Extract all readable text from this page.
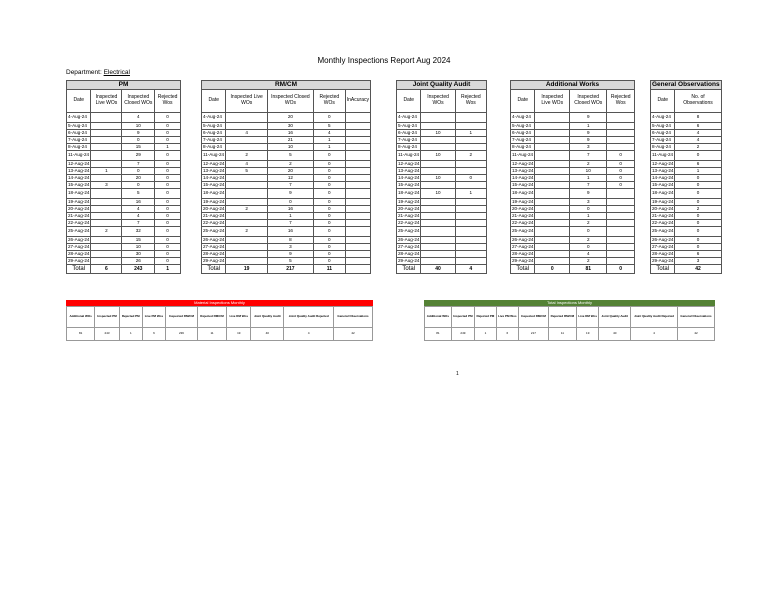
Monthly Inspections Report Aug 2024
Department: Electrical
PM			
Date	Inspected Live WOs	Inspected Closed WOs	Rejected Wos
4-Aug-24		4	0
5-Aug-24		10	0
6-Aug-24		9	0
7-Aug-24		0	0
8-Aug-24		15	1
11-Aug-24		29	0
12-Aug-24		7	0
13-Aug-24	1	0	0
14-Aug-24		20	0
15-Aug-24	3	0	0
18-Aug-24		5	0
19-Aug-24		16	0
20-Aug-24		4	0
21-Aug-24		4	0
22-Aug-24		7	0
25-Aug-24	2	32	0
26-Aug-24		15	0
27-Aug-24		10	0
28-Aug-24		30	0
29-Aug-24		26	0
Total	6	243	1
RM/CM				
Date	Inspected Live WOs	Inspected Closed WOs	Rejected WOs	InAcuracy
4-Aug-24		20	0	
5-Aug-24		30	5	
6-Aug-24	4	16	4	
7-Aug-24		21	1	
8-Aug-24		10	1	
11-Aug-24	2	5	0	
12-Aug-24	4	2	0	
13-Aug-24	5	20	0	
14-Aug-24		12	0	
15-Aug-24		7	0	
18-Aug-24		9	0	
19-Aug-24		0	0	
20-Aug-24	2	16	0	
21-Aug-24		1	0	
22-Aug-24		7	0	
25-Aug-24	2	16	0	
26-Aug-24		8	0	
27-Aug-24		3	0	
28-Aug-24		9	0	
29-Aug-24		5	0	
Total	19	217	11	
Joint Quality Audit		
Date	Inspected WOs	Rejected Wos
4-Aug-24		
5-Aug-24		
6-Aug-24	10	1
7-Aug-24		
8-Aug-24		
11-Aug-24	10	2
12-Aug-24		
13-Aug-24		
14-Aug-24	10	0
15-Aug-24		
18-Aug-24	10	1
19-Aug-24		
20-Aug-24		
21-Aug-24		
22-Aug-24		
25-Aug-24		
26-Aug-24		
27-Aug-24		
28-Aug-24		
29-Aug-24		
Total	40	4
Additional Works			
Date	Inspected Live WOs	Inspected Closed WOs	Rejected Wos
4-Aug-24		9	
5-Aug-24		1	
6-Aug-24		9	
7-Aug-24		9	
8-Aug-24		3	
11-Aug-24		7	0
12-Aug-24		2	0
13-Aug-24		10	0
14-Aug-24		1	0
15-Aug-24		7	0
18-Aug-24		9	
19-Aug-24		3	
20-Aug-24		0	
21-Aug-24		1	
22-Aug-24		2	
25-Aug-24		0	
26-Aug-24		2	
27-Aug-24		0	
28-Aug-24		4	
29-Aug-24		2	
Total	0	81	0
General Observations	
Date	No. of Observations
4-Aug-24	8
5-Aug-24	6
6-Aug-24	4
7-Aug-24	4
8-Aug-24	2
11-Aug-24	0
12-Aug-24	6
13-Aug-24	1
14-Aug-24	0
15-Aug-24	0
18-Aug-24	0
19-Aug-24	0
20-Aug-24	2
21-Aug-24	0
22-Aug-24	0
25-Aug-24	0
26-Aug-24	0
27-Aug-24	0
28-Aug-24	6
29-Aug-24	3
Total	42
Material Inspections Monthly
Additional WOs	Inspected PM	Rejected PM	Live PM Wos	Inspected RM/CM	Rejected RM/CM	Live RM Wos	Joint Quality Audit	Joint Quality Audit Rejected	General Observations
81	243	1	6	236	11	19	40	4	42
Total Inspections Monthly
Additional WOs	Inspected PM	Rejected PM	Live PM Wos	Inspected RM/CM	Rejected RM/CM	Live RM Wos	Joint Quality Audit	Joint Quality Audit Rejected	General Observations
81	249	1	6	217	11	19	40	4	42
1
